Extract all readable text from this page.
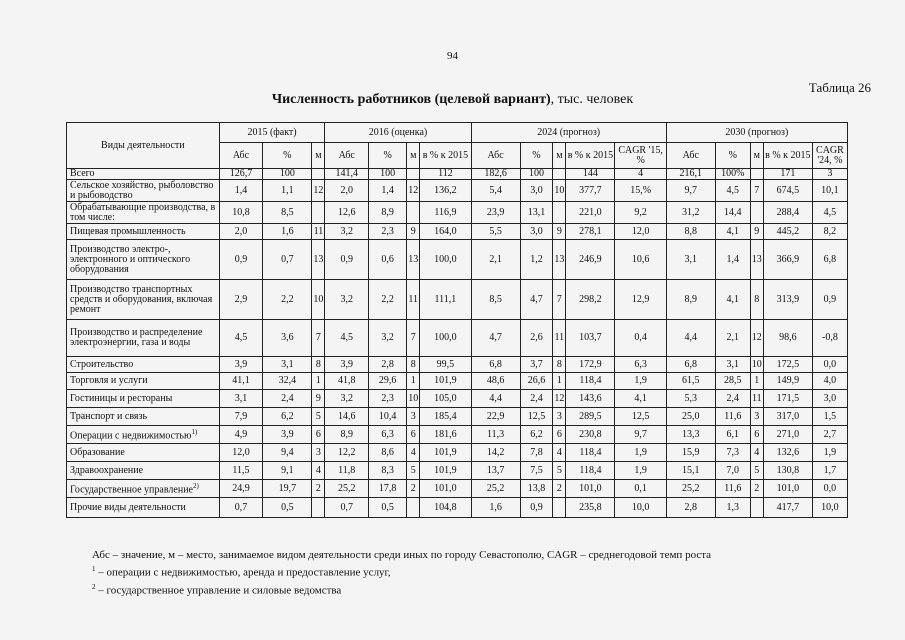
94
Таблица 26
Численность работников (целевой вариант), тыс. человек
Виды деятельности	2015 (факт)			2016 (оценка)				2024 (прогноз)					2030 (прогноз)				
	Абс	%	м	Абс	%	м	в % к 2015	Абс	%	м	в % к 2015	CAGR '15, %	Абс	%	м	в % к 2015	CAGR '24, %
Всего	126,7	100		141,4	100		112	182,6	100		144	4	216,1	100%		171	3
Сельское хозяйство, рыболовство и рыбоводство	1,4	1,1	12	2,0	1,4	12	136,2	5,4	3,0	10	377,7	15,%	9,7	4,5	7	674,5	10,1
Обрабатывающие производства, в том числе:	10,8	8,5		12,6	8,9		116,9	23,9	13,1		221,0	9,2	31,2	14,4		288,4	4,5
Пищевая промышленность	2,0	1,6	11	3,2	2,3	9	164,0	5,5	3,0	9	278,1	12,0	8,8	4,1	9	445,2	8,2
Производство электро-, электронного и оптического оборудования	0,9	0,7	13	0,9	0,6	13	100,0	2,1	1,2	13	246,9	10,6	3,1	1,4	13	366,9	6,8
Производство транспортных средств и оборудования, включая ремонт	2,9	2,2	10	3,2	2,2	11	111,1	8,5	4,7	7	298,2	12,9	8,9	4,1	8	313,9	0,9
Производство и распределение электроэнергии, газа и воды	4,5	3,6	7	4,5	3,2	7	100,0	4,7	2,6	11	103,7	0,4	4,4	2,1	12	98,6	-0,8
Строительство	3,9	3,1	8	3,9	2,8	8	99,5	6,8	3,7	8	172,9	6,3	6,8	3,1	10	172,5	0,0
Торговля и услуги	41,1	32,4	1	41,8	29,6	1	101,9	48,6	26,6	1	118,4	1,9	61,5	28,5	1	149,9	4,0
Гостиницы и рестораны	3,1	2,4	9	3,2	2,3	10	105,0	4,4	2,4	12	143,6	4,1	5,3	2,4	11	171,5	3,0
Транспорт и связь	7,9	6,2	5	14,6	10,4	3	185,4	22,9	12,5	3	289,5	12,5	25,0	11,6	3	317,0	1,5
Операции с недвижимостью$^{1)}$	4,9	3,9	6	8,9	6,3	6	181,6	11,3	6,2	6	230,8	9,7	13,3	6,1	6	271,0	2,7
Образование	12,0	9,4	3	12,2	8,6	4	101,9	14,2	7,8	4	118,4	1,9	15,9	7,3	4	132,6	1,9
Здравоохранение	11,5	9,1	4	11,8	8,3	5	101,9	13,7	7,5	5	118,4	1,9	15,1	7,0	5	130,8	1,7
Государственное управление$^{2)}$	24,9	19,7	2	25,2	17,8	2	101,0	25,2	13,8	2	101,0	0,1	25,2	11,6	2	101,0	0,0
Прочие виды деятельности	0,7	0,5		0,7	0,5		104,8	1,6	0,9		235,8	10,0	2,8	1,3		417,7	10,0
Абс – значение, м – место, занимаемое видом деятельности среди иных по городу Севастополю, CAGR – среднегодовой темп роста
$^1$ – операции с недвижимостью, аренда и предоставление услуг,
$^2$ – государственное управление и силовые ведомства
